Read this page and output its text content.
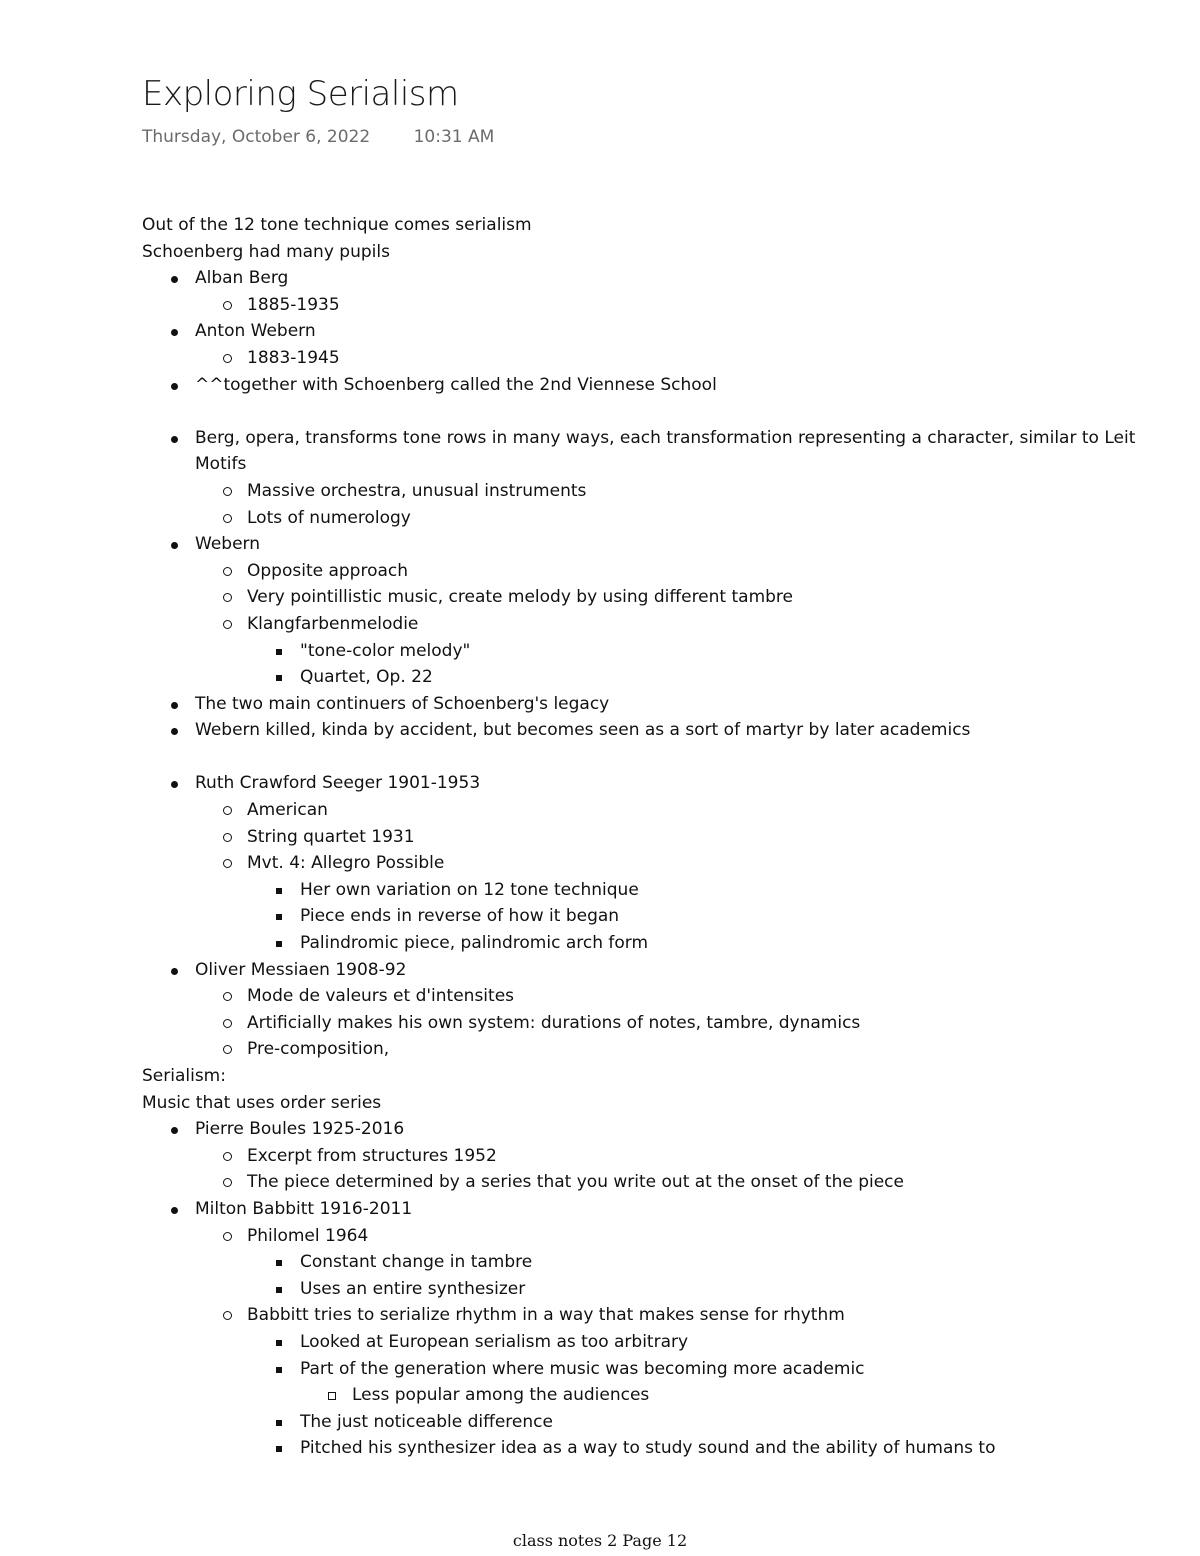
Exploring Serialism
Thursday, October 6, 2022	10:31 AM
Out of the 12 tone technique comes serialism
Schoenberg had many pupils
Alban Berg
1885-1935
Anton Webern
1883-1945
^^together with Schoenberg called the 2nd Viennese School
Berg, opera, transforms tone rows in many ways, each transformation representing a character, similar to Leit Motifs
Massive orchestra, unusual instruments
Lots of numerology
Webern
Opposite approach
Very pointillistic music, create melody by using different tambre
Klangfarbenmelodie
"tone-color melody"
Quartet, Op. 22
The two main continuers of Schoenberg's legacy
Webern killed, kinda by accident, but becomes seen as a sort of martyr by later academics
Ruth Crawford Seeger 1901-1953
American
String quartet 1931
Mvt. 4: Allegro Possible
Her own variation on 12 tone technique
Piece ends in reverse of how it began
Palindromic piece, palindromic arch form
Oliver Messiaen 1908-92
Mode de valeurs et d'intensites
Artificially makes his own system: durations of notes, tambre, dynamics
Pre-composition,
Serialism:
Music that uses order series
Pierre Boules 1925-2016
Excerpt from structures 1952
The piece determined by a series that you write out at the onset of the piece
Milton Babbitt 1916-2011
Philomel 1964
Constant change in tambre
Uses an entire synthesizer
Babbitt tries to serialize rhythm in a way that makes sense for rhythm
Looked at European serialism as too arbitrary
Part of the generation where music was becoming more academic
Less popular among the audiences
The just noticeable difference
Pitched his synthesizer idea as a way to study sound and the ability of humans to
class notes 2 Page 12
